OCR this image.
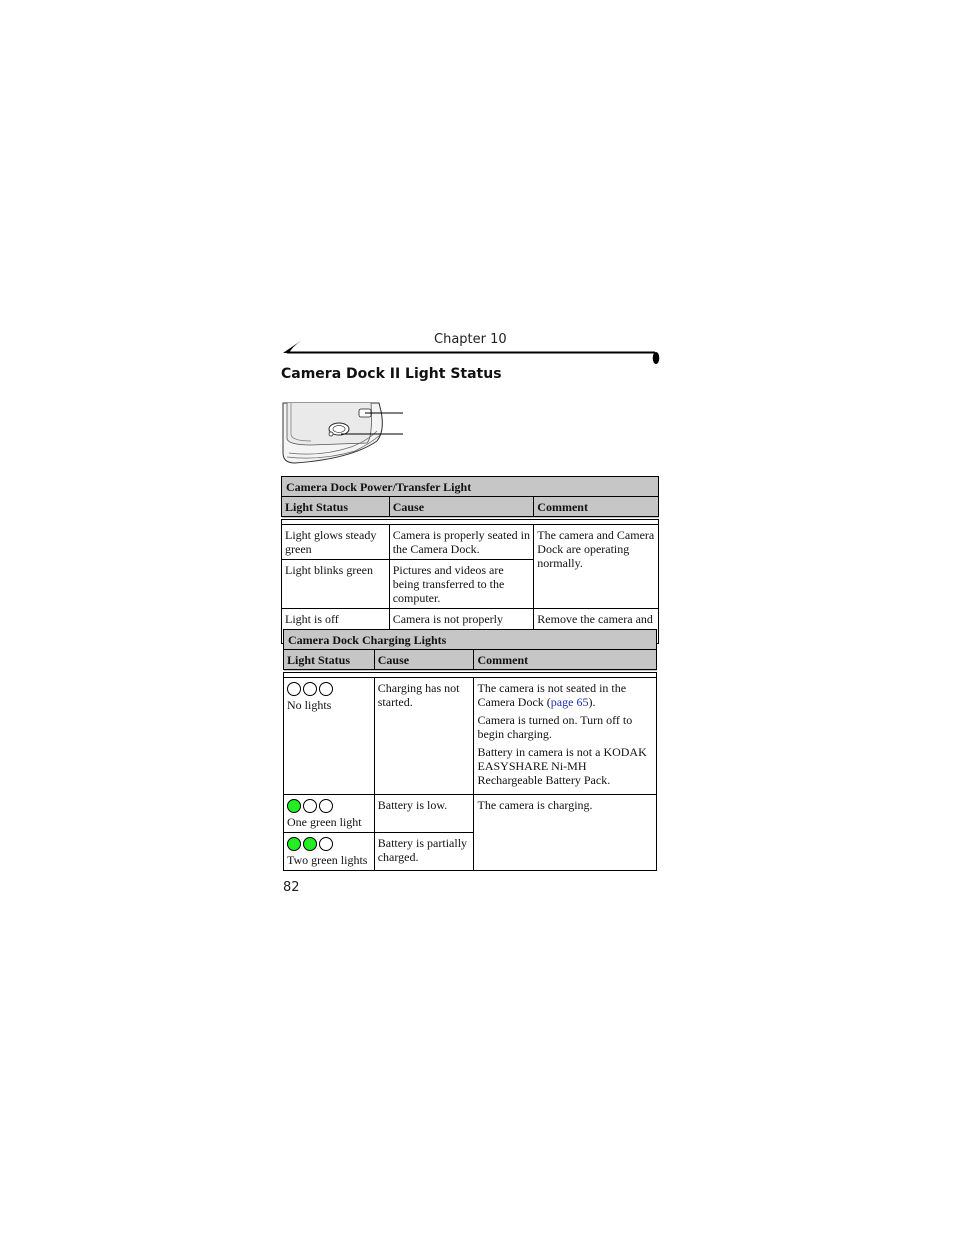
Chapter 10
Camera Dock II Light Status
Camera Dock Power/Transfer Light		
Light Status	Cause	Comment

Light glows steady green	Camera is properly seated in the Camera Dock.	The camera and Camera Dock are operating normally.
Light blinks green	Pictures and videos are being transferred to the computer.	
Light is off	Camera is not properly	Remove the camera and
Camera Dock Charging Lights		
Light Status	Cause	Comment

No lights	Charging has not started.	The camera is not seated in the Camera Dock (page 65).

Camera is turned on. Turn off to begin charging.

Battery in camera is not a KODAK EASYSHARE Ni-MH Rechargeable Battery Pack.

One green light	Battery is low.	The camera is charging.

Two green lights	Battery is partially charged.	
82
